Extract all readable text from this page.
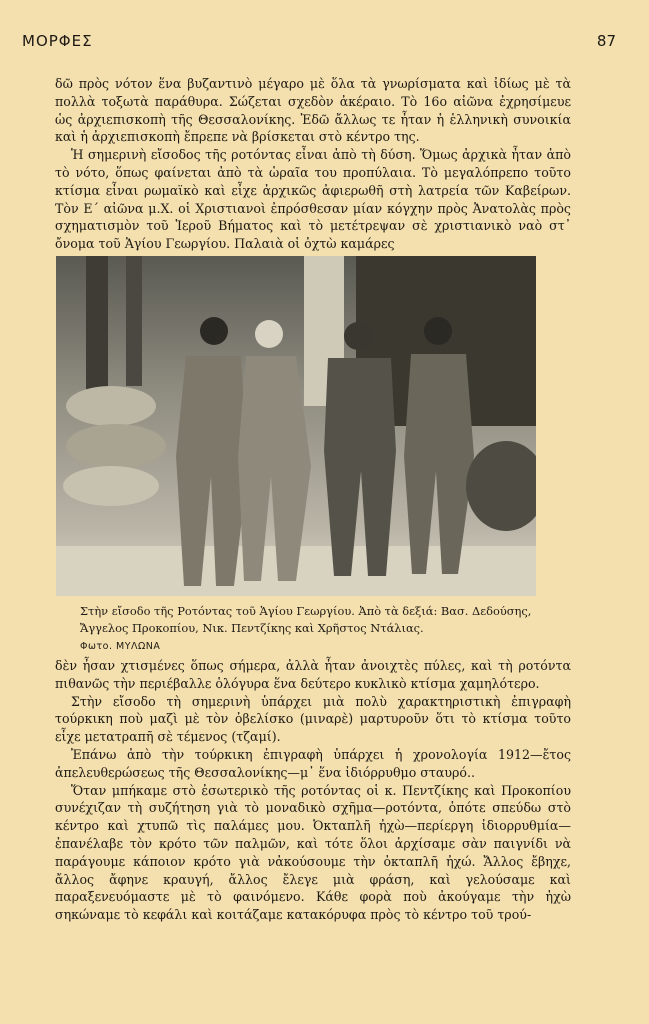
ΜΟΡΦΕΣ	87

δῶ πρὸς νότον ἕνα βυζαντινὸ μέγαρο μὲ ὅλα τὰ γνωρίσματα καὶ ἰδίως μὲ τὰ πολλὰ τοξωτὰ παράθυρα. Σώζεται σχεδὸν ἀκέραιο. Τὸ 16ο αἰῶνα ἐχρησίμευε ὡς ἀρχιεπισκοπὴ τῆς Θεσσαλονίκης. Ἐδῶ ἄλλως τε ἦταν ἡ ἑλληνικὴ συνοικία καὶ ἡ ἀρχιεπισκοπὴ ἔπρεπε νὰ βρίσκεται στὸ κέντρο της.

Ἡ σημερινὴ εἴσοδος τῆς ροτόντας εἶναι ἀπὸ τὴ δύση. Ὅμως ἀρχικὰ ἦταν ἀπὸ τὸ νότο, ὅπως φαίνεται ἀπὸ τὰ ὡραῖα του προπύλαια. Τὸ μεγαλόπρεπο τοῦτο κτίσμα εἶναι ρωμαϊκὸ καὶ εἶχε ἀρχικῶς ἀφιερωθῆ στὴ λατρεία τῶν Καβείρων. Τὸν Ε´ αἰῶνα μ.Χ. οἱ Χριστιανοὶ ἐπρόσθεσαν μίαν κόγχην πρὸς Ἀνατολὰς πρὸς σχηματισμὸν τοῦ Ἱεροῦ Βήματος καὶ τὸ μετέτρεψαν σὲ χριστιανικὸ ναὸ στ᾽ ὄνομα τοῦ Ἁγίου Γεωργίου. Παλαιὰ οἱ ὀχτὼ καμάρες

Στὴν εἴσοδο τῆς Ροτόντας τοῦ Ἁγίου Γεωργίου. Ἀπὸ τὰ δεξιά: Βασ. Δεδούσης, Ἄγγελος Προκοπίου, Νικ. Πεντζίκης καὶ Χρῆστος Ντάλιας.
Φωτο. ΜΥΛΩΝΑ

δὲν ἦσαν χτισμένες ὅπως σήμερα, ἀλλὰ ἦταν ἀνοιχτὲς πύλες, καὶ τὴ ροτόντα πιθανῶς τὴν περιέβαλλε ὁλόγυρα ἕνα δεύτερο κυκλικὸ κτίσμα χαμηλότερο.

Στὴν εἴσοδο τὴ σημερινὴ ὑπάρχει μιὰ πολὺ χαρακτηριστικὴ ἐπιγραφὴ τούρκικη ποὺ μαζὶ μὲ τὸν ὀβελίσκο (μιναρὲ) μαρτυροῦν ὅτι τὸ κτίσμα τοῦτο εἶχε μετατραπῆ σὲ τέμενος (τζαμί).

Ἐπάνω ἀπὸ τὴν τούρκικη ἐπιγραφὴ ὑπάρχει ἡ χρονολογία 1912—ἔτος ἀπελευθερώσεως τῆς Θεσσαλονίκης—μ᾽ ἕνα ἰδιόρρυθμο σταυρό..

Ὅταν μπήκαμε στὸ ἐσωτερικὸ τῆς ροτόντας οἱ κ. Πεντζίκης καὶ Προκοπίου συνέχιζαν τὴ συζήτηση γιὰ τὸ μοναδικὸ σχῆμα—ροτόντα, ὁπότε σπεύδω στὸ κέντρο καὶ χτυπῶ τὶς παλάμες μου. Ὀκταπλῆ ἠχὼ—περίεργη ἰδιορρυθμία—ἐπανέλαβε τὸν κρότο τῶν παλμῶν, καὶ τότε ὅλοι ἀρχίσαμε σὰν παιγνίδι νὰ παράγουμε κάποιον κρότο γιὰ νἀκούσουμε τὴν ὀκταπλῆ ἠχώ. Ἄλλος ἔβηχε, ἄλλος ἄφηνε κραυγή, ἄλλος ἔλεγε μιὰ φράση, καὶ γελούσαμε καὶ παραξενευόμαστε μὲ τὸ φαινόμενο. Κάθε φορὰ ποὺ ἀκούγαμε τὴν ἠχὼ σηκώναμε τὸ κεφάλι καὶ κοιτάζαμε κατακόρυφα πρὸς τὸ κέντρο τοῦ τρού-
